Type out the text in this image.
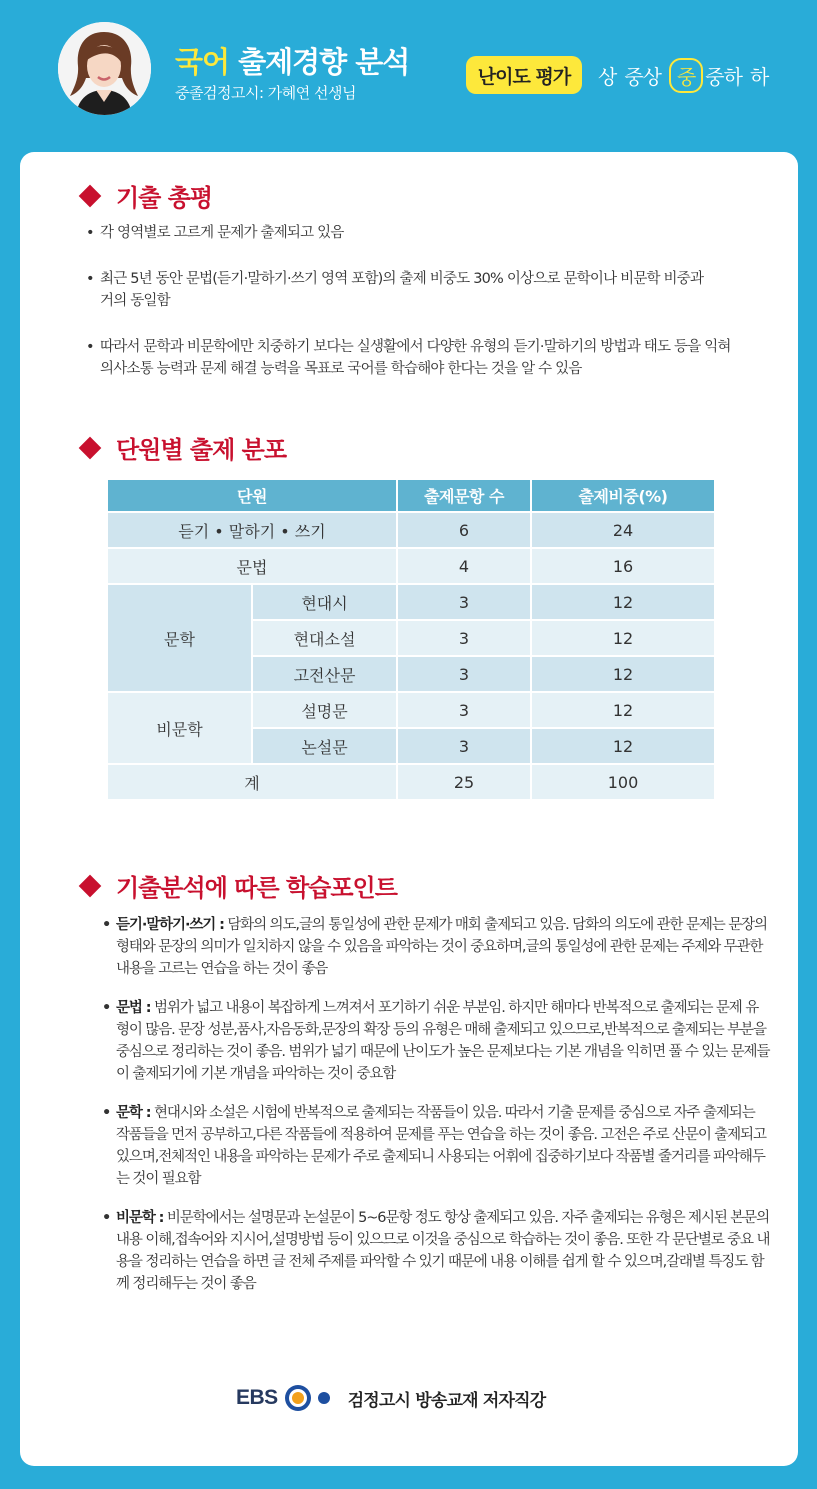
국어 출제경향 분석
중졸검정고시: 가혜연 선생님
난이도 평가	상 중상 중 중하 하
기출 총평
• 각 영역별로 고르게 문제가 출제되고 있음
• 최근 5년 동안 문법(듣기·말하기·쓰기 영역 포함)의 출제 비중도 30% 이상으로 문학이나 비문학 비중과 거의 동일함
• 따라서 문학과 비문학에만 치중하기 보다는 실생활에서 다양한 유형의 듣기·말하기의 방법과 태도 등을 익혀 의사소통 능력과 문제 해결 능력을 목표로 국어를 학습해야 한다는 것을 알 수 있음
단원별 출제 분포
단원		출제문항 수	출제비중(%)
듣기 • 말하기 • 쓰기		6	24
문법		4	16
문학	현대시	3	12
	현대소설	3	12
	고전산문	3	12
비문학	설명문	3	12
	논설문	3	12
계		25	100
기출분석에 따른 학습포인트
• 듣기·말하기·쓰기 : 담화의 의도,글의 통일성에 관한 문제가 매회 출제되고 있음. 담화의 의도에 관한 문제는 문장의 형태와 문장의 의미가 일치하지 않을 수 있음을 파악하는 것이 중요하며,글의 통일성에 관한 문제는 주제와 무관한 내용을 고르는 연습을 하는 것이 좋음
• 문법 : 범위가 넓고 내용이 복잡하게 느껴져서 포기하기 쉬운 부분임. 하지만 해마다 반복적으로 출제되는 문제 유형이 많음. 문장 성분,품사,자음동화,문장의 확장 등의 유형은 매해 출제되고 있으므로,반복적으로 출제되는 부분을 중심으로 정리하는 것이 좋음. 범위가 넓기 때문에 난이도가 높은 문제보다는 기본 개념을 익히면 풀 수 있는 문제들이 출제되기에 기본 개념을 파악하는 것이 중요함
• 문학 : 현대시와 소설은 시험에 반복적으로 출제되는 작품들이 있음. 따라서 기출 문제를 중심으로 자주 출제되는 작품들을 먼저 공부하고,다른 작품들에 적용하여 문제를 푸는 연습을 하는 것이 좋음. 고전은 주로 산문이 출제되고 있으며,전체적인 내용을 파악하는 문제가 주로 출제되니 사용되는 어휘에 집중하기보다 작품별 줄거리를 파악해두는 것이 필요함
• 비문학 : 비문학에서는 설명문과 논설문이 5~6문항 정도 항상 출제되고 있음. 자주 출제되는 유형은 제시된 본문의 내용 이해,접속어와 지시어,설명방법 등이 있으므로 이것을 중심으로 학습하는 것이 좋음. 또한 각 문단별로 중요 내용을 정리하는 연습을 하면 글 전체 주제를 파악할 수 있기 때문에 내용 이해를 쉽게 할 수 있으며,갈래별 특징도 함께 정리해두는 것이 좋음
EBS	검정고시 방송교재 저자직강
